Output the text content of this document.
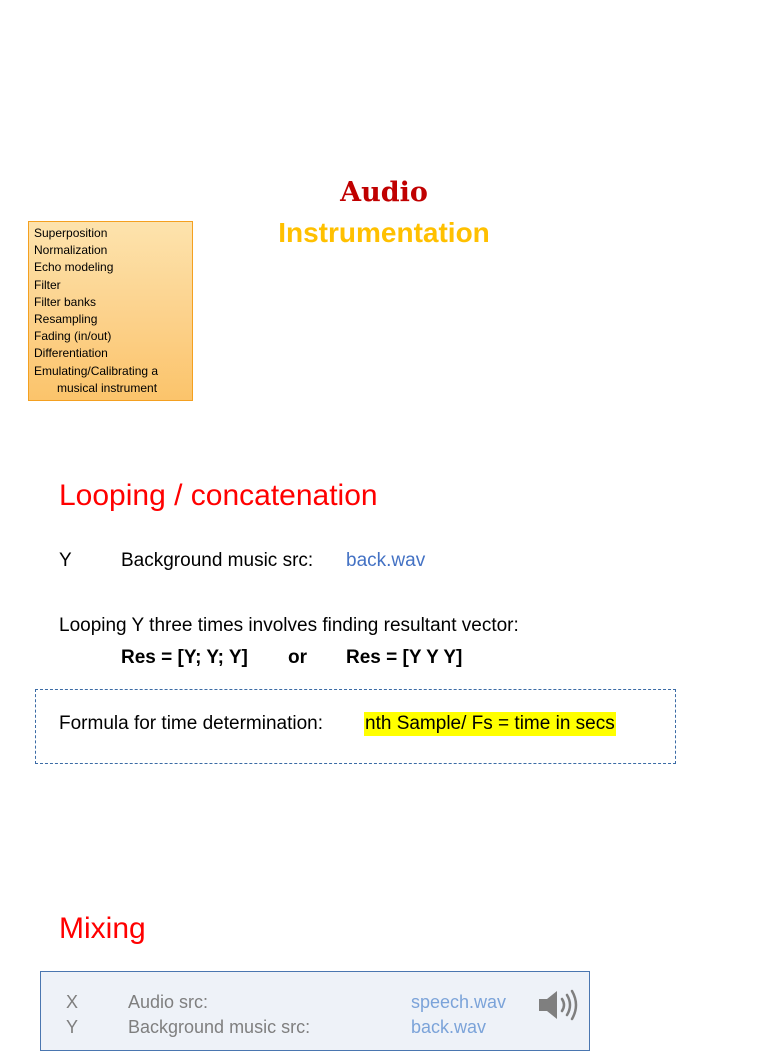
Audio
Instrumentation
Superposition
Normalization
Echo modeling
Filter
Filter banks
Resampling
Fading (in/out)
Differentiation
Emulating/Calibrating a
musical instrument
Looping / concatenation
Y	Background music src: back.wav
Looping Y three times involves finding resultant vector:
Res = [Y; Y; Y] or Res = [Y Y Y]
Formula for time determination: nth Sample/ Fs = time in secs
Mixing
X	Audio src:	speech.wav
Y	Background music src:	back.wav
